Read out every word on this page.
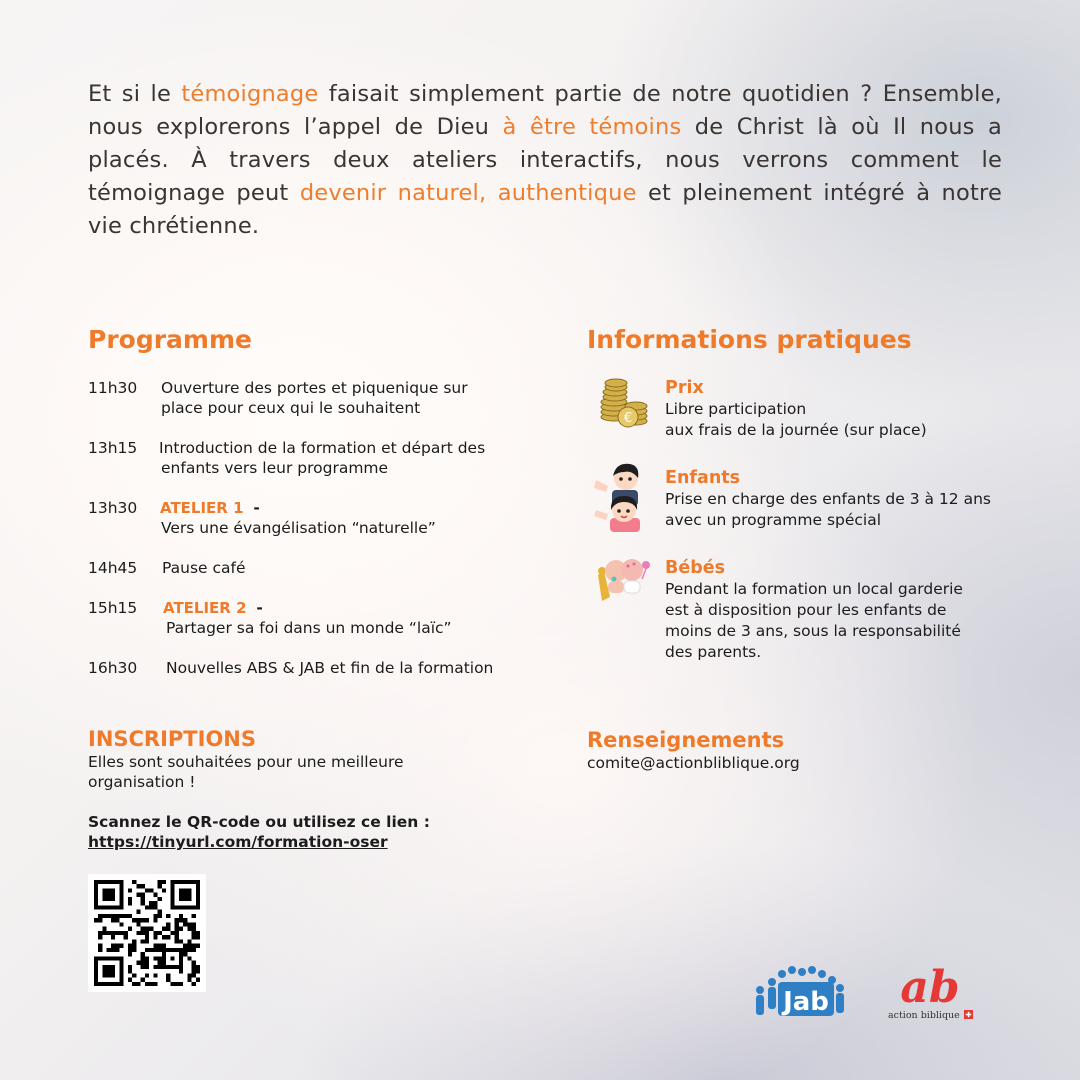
Et si le témoignage faisait simplement partie de notre quotidien ? Ensemble, nous explorerons l’appel de Dieu à être témoins de Christ là où Il nous a placés. À travers deux ateliers interactifs, nous verrons comment le témoignage peut devenir naturel, authentique et pleinement intégré à notre vie chrétienne.
Programme
11h30 Ouverture des portes et piquenique sur
place pour ceux qui le souhaitent
13h15 Introduction de la formation et départ des
enfants vers leur programme
13h30 ATELIER 1 -
Vers une évangélisation “naturelle”
14h45 Pause café
15h15 ATELIER 2 -
Partager sa foi dans un monde “laïc”
16h30 Nouvelles ABS & JAB et fin de la formation
Informations pratiques
€
Prix
Libre participation
aux frais de la journée (sur place)
Enfants
Prise en charge des enfants de 3 à 12 ans
avec un programme spécial
Bébés
Pendant la formation un local garderie
est à disposition pour les enfants de
moins de 3 ans, sous la responsabilité
des parents.
INSCRIPTIONS
Elles sont souhaitées pour une meilleure
organisation !
Scannez le QR-code ou utilisez ce lien :
https://tinyurl.com/formation-oser
Renseignements
comite@actionbliblique.org
Jab ab
action biblique
